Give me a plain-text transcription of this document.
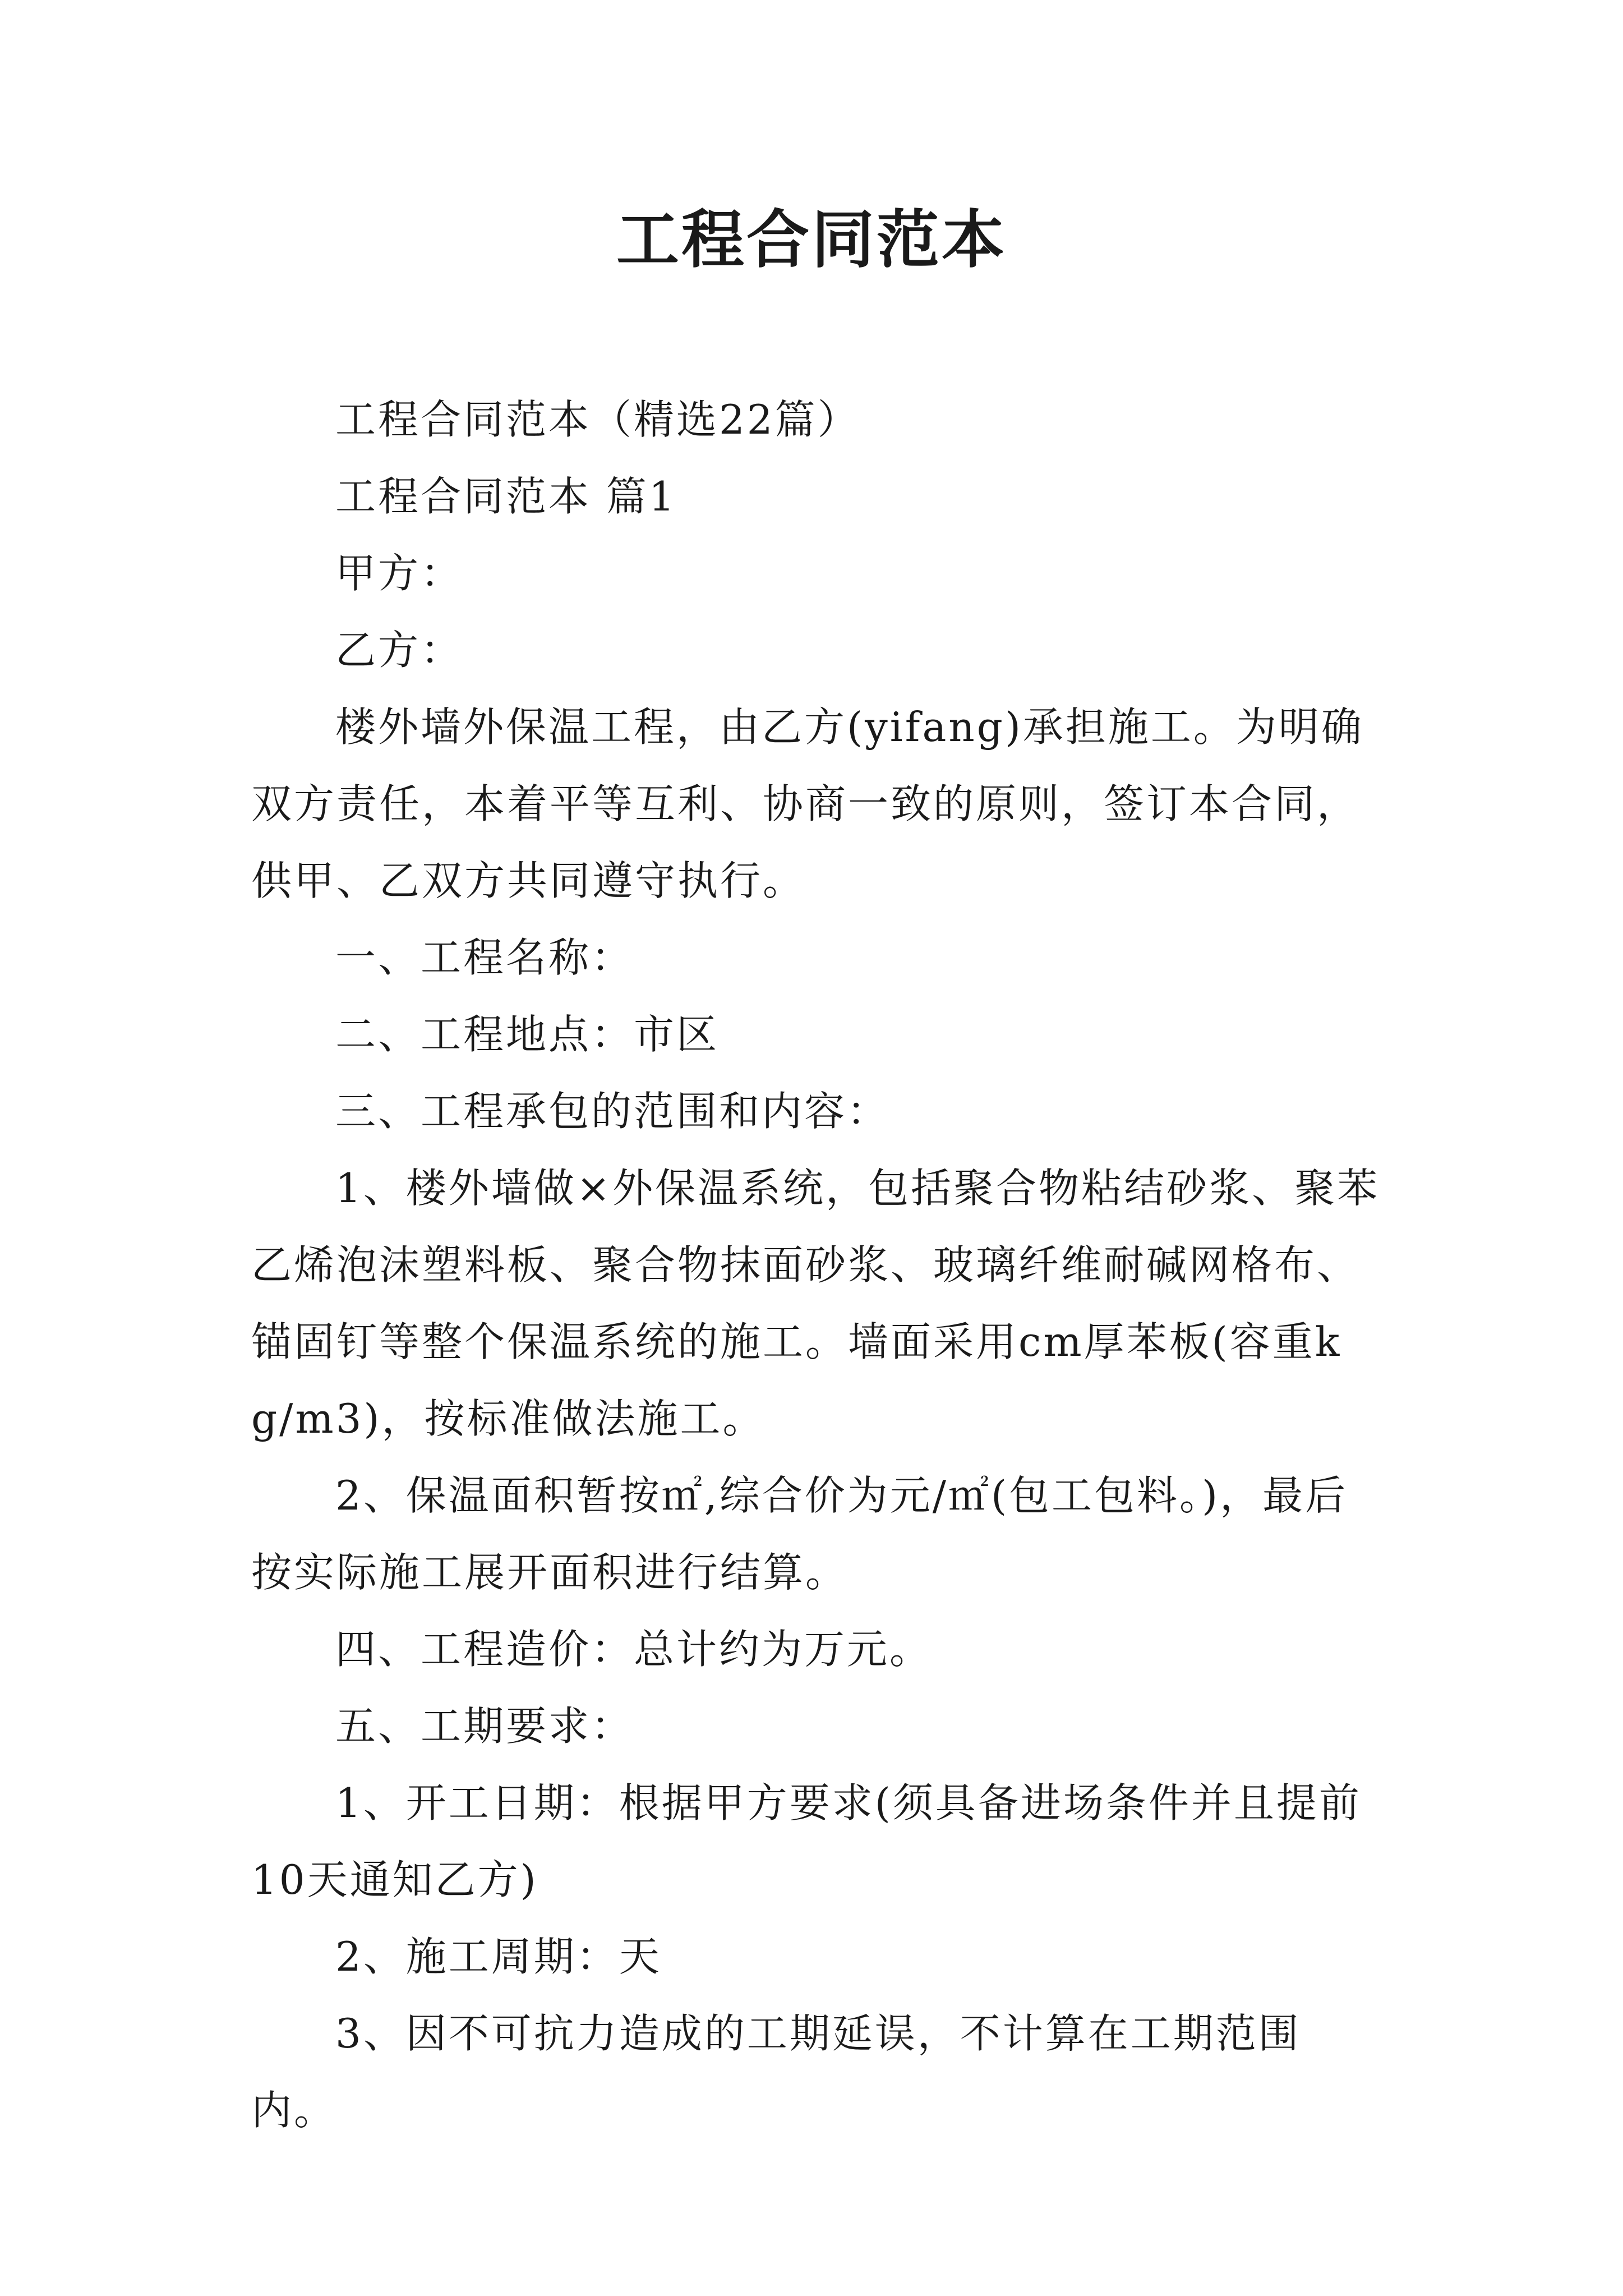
工程合同范本

工程合同范本（精选22篇）

工程合同范本 篇1

甲方：

乙方：

楼外墙外保温工程，由乙方(yifang)承担施工。为明确双方责任，本着平等互利、协商一致的原则，签订本合同，供甲、乙双方共同遵守执行。

一、工程名称：

二、工程地点：市区

三、工程承包的范围和内容：

1、楼外墙做×外保温系统，包括聚合物粘结砂浆、聚苯乙烯泡沫塑料板、聚合物抹面砂浆、玻璃纤维耐碱网格布、锚固钉等整个保温系统的施工。墙面采用cm厚苯板(容重kg/m3)，按标准做法施工。

2、保温面积暂按㎡,综合价为元/㎡(包工包料。)，最后按实际施工展开面积进行结算。

四、工程造价：总计约为万元。

五、工期要求：

1、开工日期：根据甲方要求(须具备进场条件并且提前10天通知乙方)

2、施工周期：天

3、因不可抗力造成的工期延误，不计算在工期范围内。
